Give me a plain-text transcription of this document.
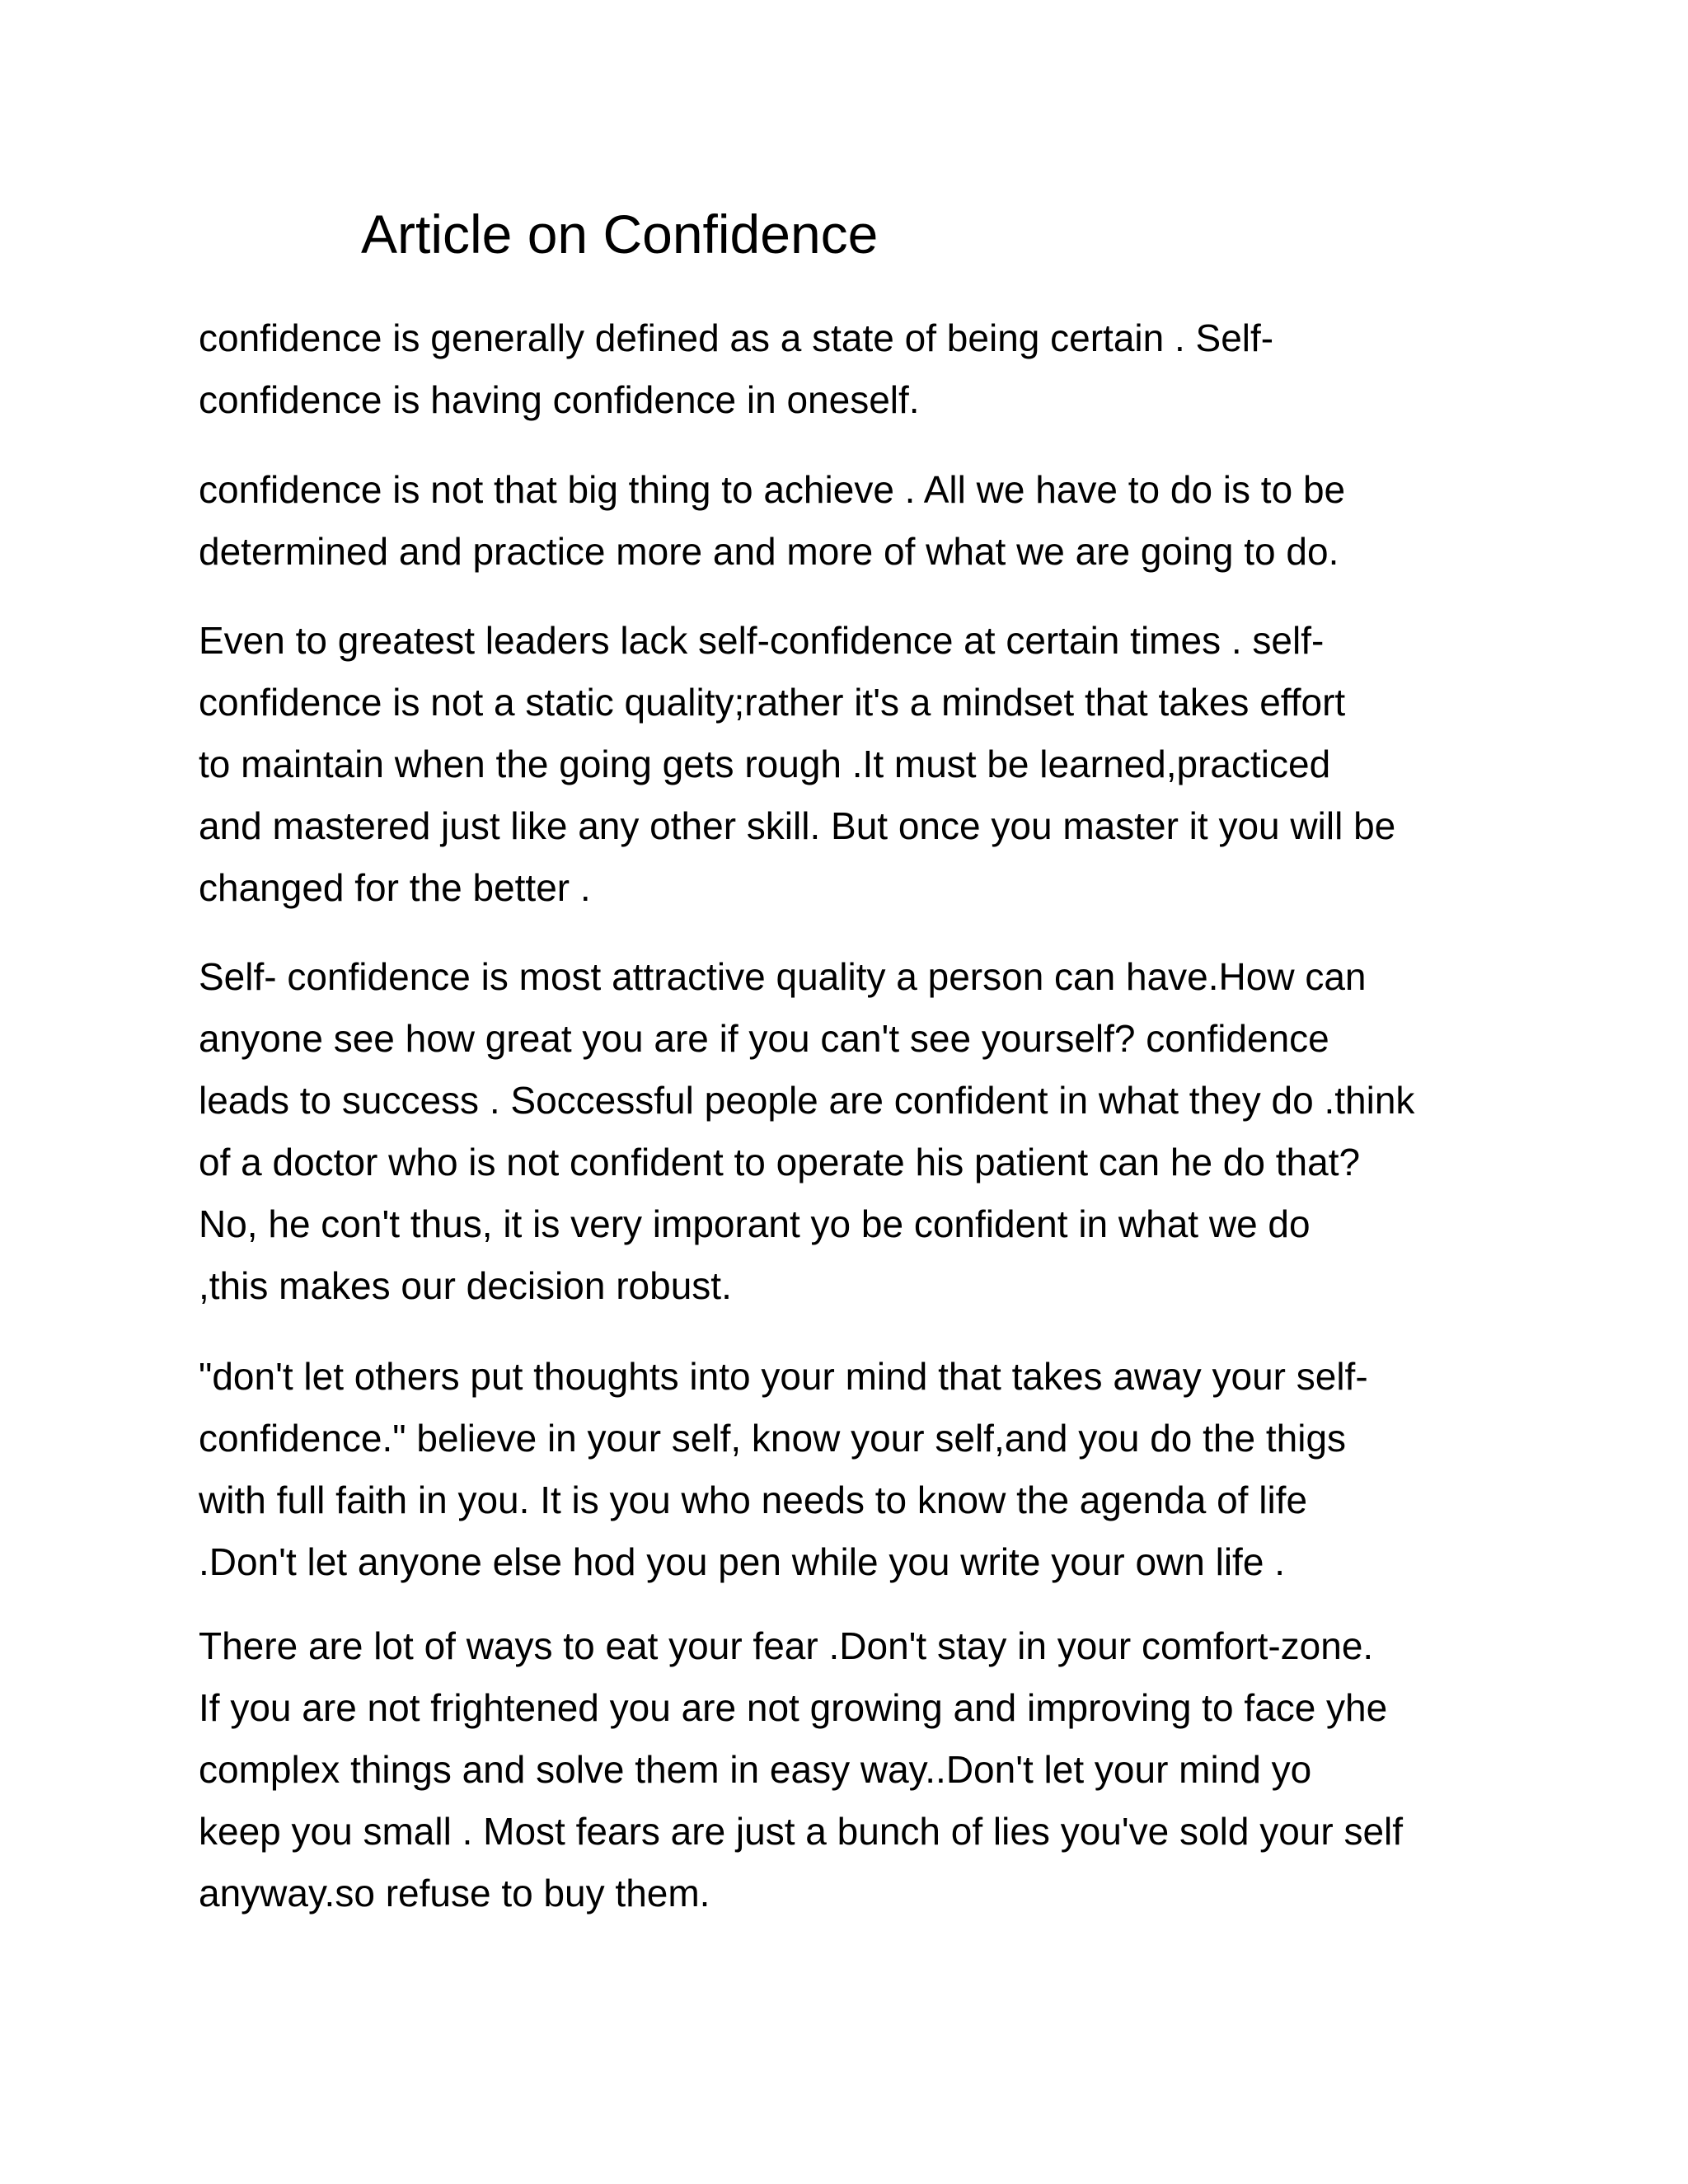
Article on Confidence
confidence is generally defined as a state of being certain . Self-
confidence is having confidence in oneself.
confidence is not that big thing to achieve . All we have to do is to be
determined and practice more and more of what we are going to do.
Even to greatest leaders lack self-confidence at certain times . self-
confidence is not a static quality;rather it's a mindset that takes effort
to maintain when the going gets rough .It must be learned,practiced
and mastered just like any other skill. But once you master it you will be
changed for the better .
Self- confidence is most attractive quality a person can have.How can
anyone see how great you are if you can't see yourself? confidence
leads to success . Soccessful people are confident in what they do .think
of a doctor who is not confident to operate his patient can he do that?
No, he con't thus, it is very imporant yo be confident in what we do
,this makes our decision robust.
"don't let others put thoughts into your mind that takes away your self-
confidence." believe in your self, know your self,and you do the thigs
with full faith in you. It is you who needs to know the agenda of life
.Don't let anyone else hod you pen while you write your own life .
There are lot of ways to eat your fear .Don't stay in your comfort-zone.
If you are not frightened you are not growing and improving to face yhe
complex things and solve them in easy way..Don't let your mind yo
keep you small . Most fears are just a bunch of lies you've sold your self
anyway.so refuse to buy them.
